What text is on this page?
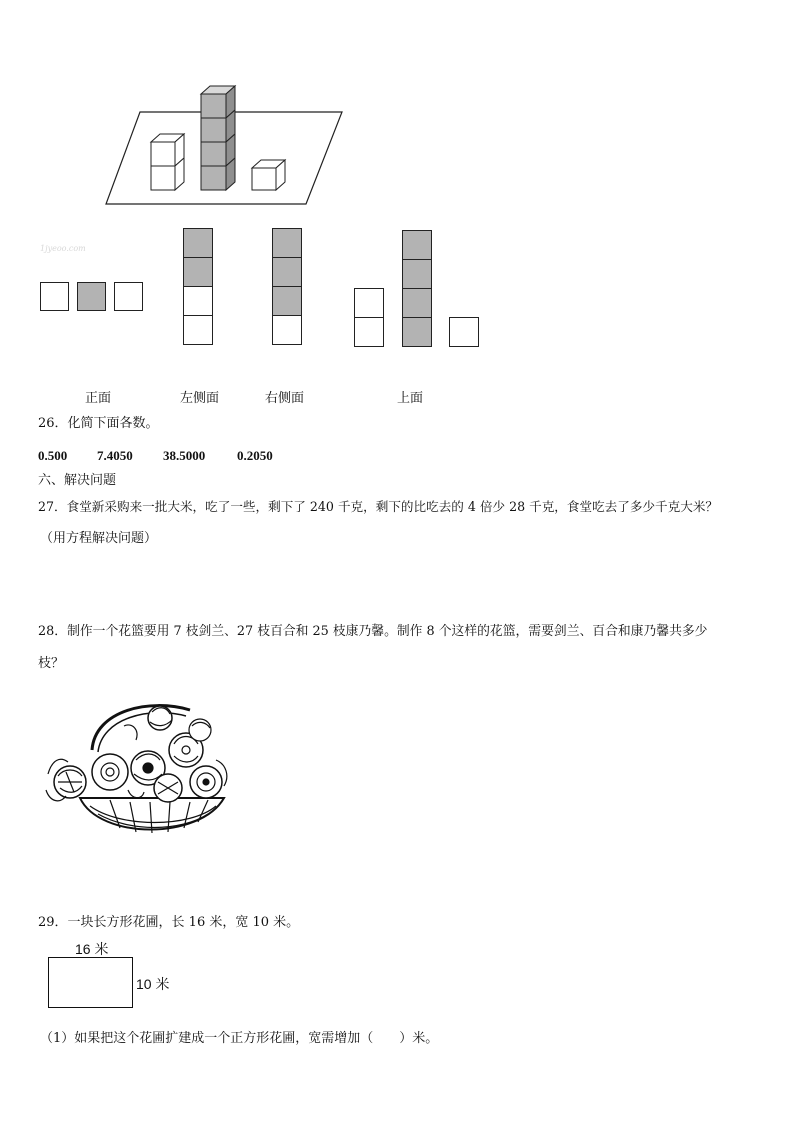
1jyeoo.com
正面	左侧面	右侧面	上面
26．化简下面各数。
0.500 7.4050 38.5000 0.2050
六、解决问题
27．食堂新采购来一批大米，吃了一些，剩下了 240 千克，剩下的比吃去的 4 倍少 28 千克，食堂吃去了多少千克大米？
（用方程解决问题）
28．制作一个花篮要用 7 枝剑兰、27 枝百合和 25 枝康乃馨。制作 8 个这样的花篮，需要剑兰、百合和康乃馨共多少
枝？
29．一块长方形花圃，长 16 米，宽 10 米。
16 米
10 米
（1）如果把这个花圃扩建成一个正方形花圃，宽需增加（　　）米。
